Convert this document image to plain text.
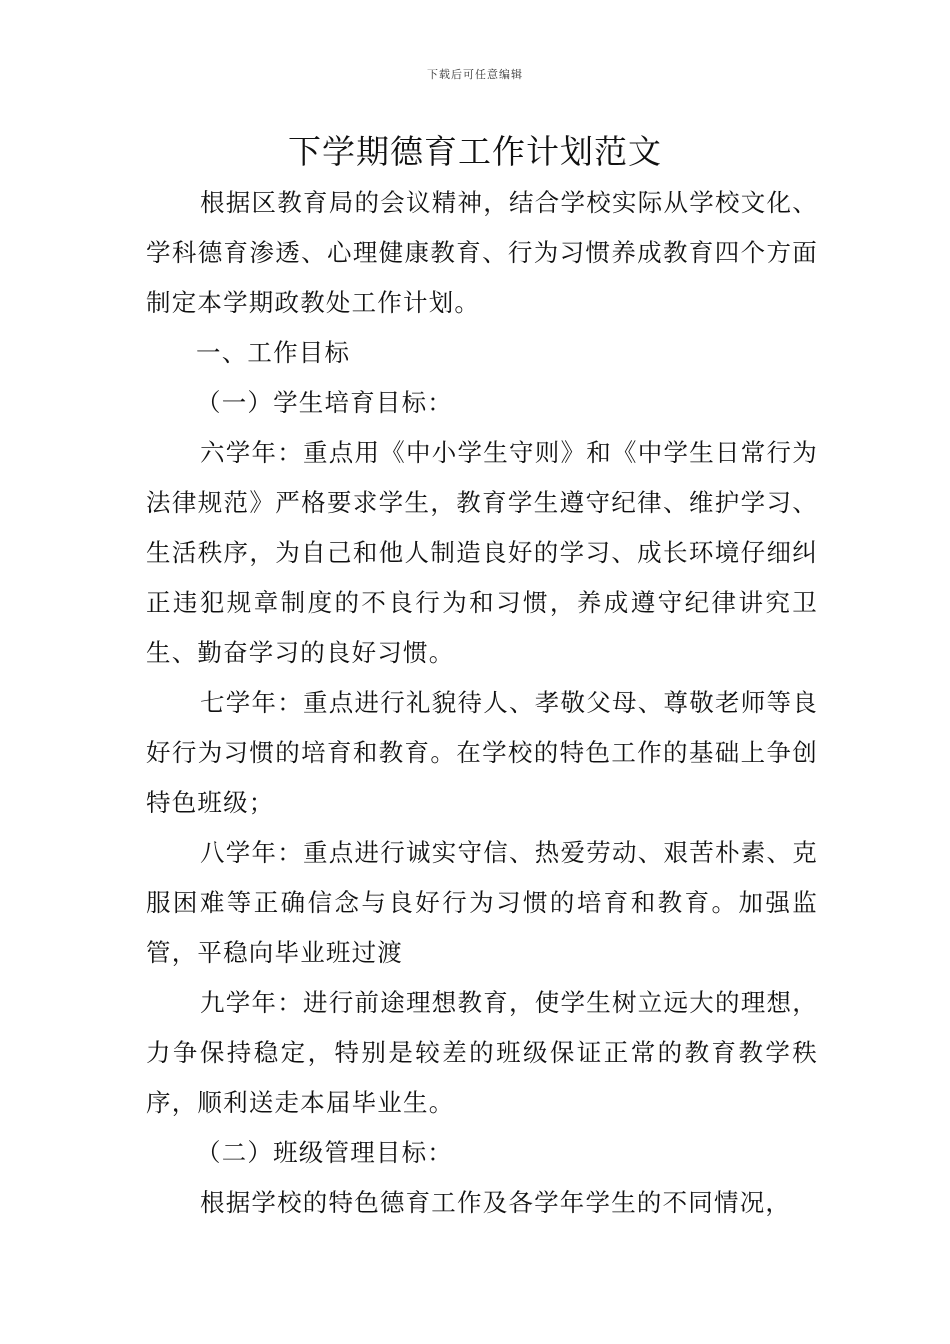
下载后可任意编辑
下学期德育工作计划范文

根据区教育局的会议精神，结合学校实际从学校文化、学科德育渗透、心理健康教育、行为习惯养成教育四个方面制定本学期政教处工作计划。

一、工作目标

（一）学生培育目标：

六学年：重点用《中小学生守则》和《中学生日常行为法律规范》严格要求学生，教育学生遵守纪律、维护学习、生活秩序，为自己和他人制造良好的学习、成长环境仔细纠正违犯规章制度的不良行为和习惯，养成遵守纪律讲究卫生、勤奋学习的良好习惯。

七学年：重点进行礼貌待人、孝敬父母、尊敬老师等良好行为习惯的培育和教育。在学校的特色工作的基础上争创特色班级；

八学年：重点进行诚实守信、热爱劳动、艰苦朴素、克服困难等正确信念与良好行为习惯的培育和教育。加强监管，平稳向毕业班过渡

九学年：进行前途理想教育，使学生树立远大的理想，力争保持稳定，特别是较差的班级保证正常的教育教学秩序，顺利送走本届毕业生。

（二）班级管理目标：

根据学校的特色德育工作及各学年学生的不同情况，
